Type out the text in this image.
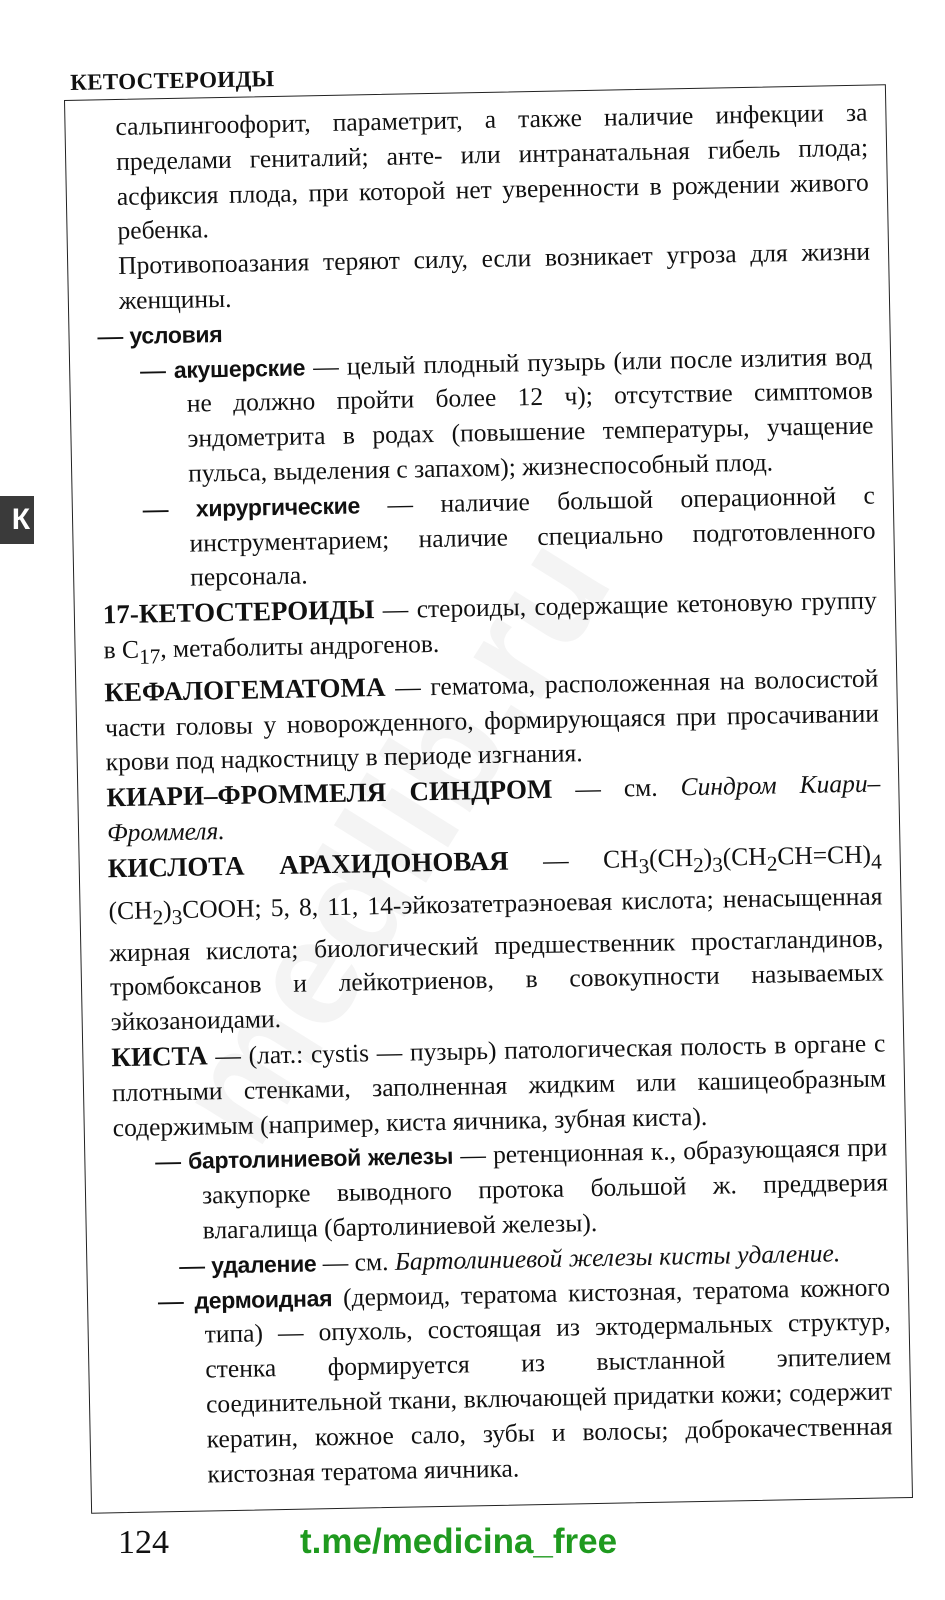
КЕТОСТЕРОИДЫ
К

сальпингоофорит, параметрит, а также наличие инфекции за пределами гениталий; анте- или интранатальная гибель плода; асфиксия плода, при которой нет уверенности в рождении живого ребенка.

Противопоазания теряют силу, если возникает угроза для жизни женщины.

— условия

— акушерские — целый плодный пузырь (или после излития вод не должно пройти более 12 ч); отсутствие симптомов эндометрита в родах (повышение температуры, учащение пульса, выделения с запахом); жизнеспособный плод.

— хирургические — наличие большой операционной с инструментарием; наличие специально подготовленного персонала.

17-КЕТОСТЕРОИДЫ — стероиды, содержащие кетоновую группу в $С_{17}$, метаболиты андрогенов.

КЕФАЛОГЕМАТОМА — гематома, расположенная на волосистой части головы у новорожденного, формирующаяся при просачивании крови под надкостницу в периоде изгнания.

КИАРИ–ФРОММЕЛЯ СИНДРОМ — см. Синдром Киари–Фроммеля.

КИСЛОТА АРАХИДОНОВАЯ — $СН_3(СН_2)_3(СН_2СН=СН)_4$ $(СН_2)_3СООН$; 5, 8, 11, 14-эйкозатетраэноевая кислота; ненасыщенная жирная кислота; биологический предшественник простагландинов, тромбоксанов и лейкотриенов, в совокупности называемых эйкозаноидами.

КИСТА — (лат.: cystis — пузырь) патологическая полость в органе с плотными стенками, заполненная жидким или кашицеобразным содержимым (например, киста яичника, зубная киста).

— бартолиниевой железы — ретенционная к., образующаяся при закупорке выводного протока большой ж. преддверия влагалища (бартолиниевой железы).

— удаление — см. Бартолиниевой железы кисты удаление.

— дермоидная (дермоид, тератома кистозная, тератома кожного типа) — опухоль, состоящая из эктодермальных структур, стенка формируется из выстланной эпителием соединительной ткани, включающей придатки кожи; содержит кератин, кожное сало, зубы и волосы; доброкачественная кистозная тератома яичника.

124	t.me/medicina_free
